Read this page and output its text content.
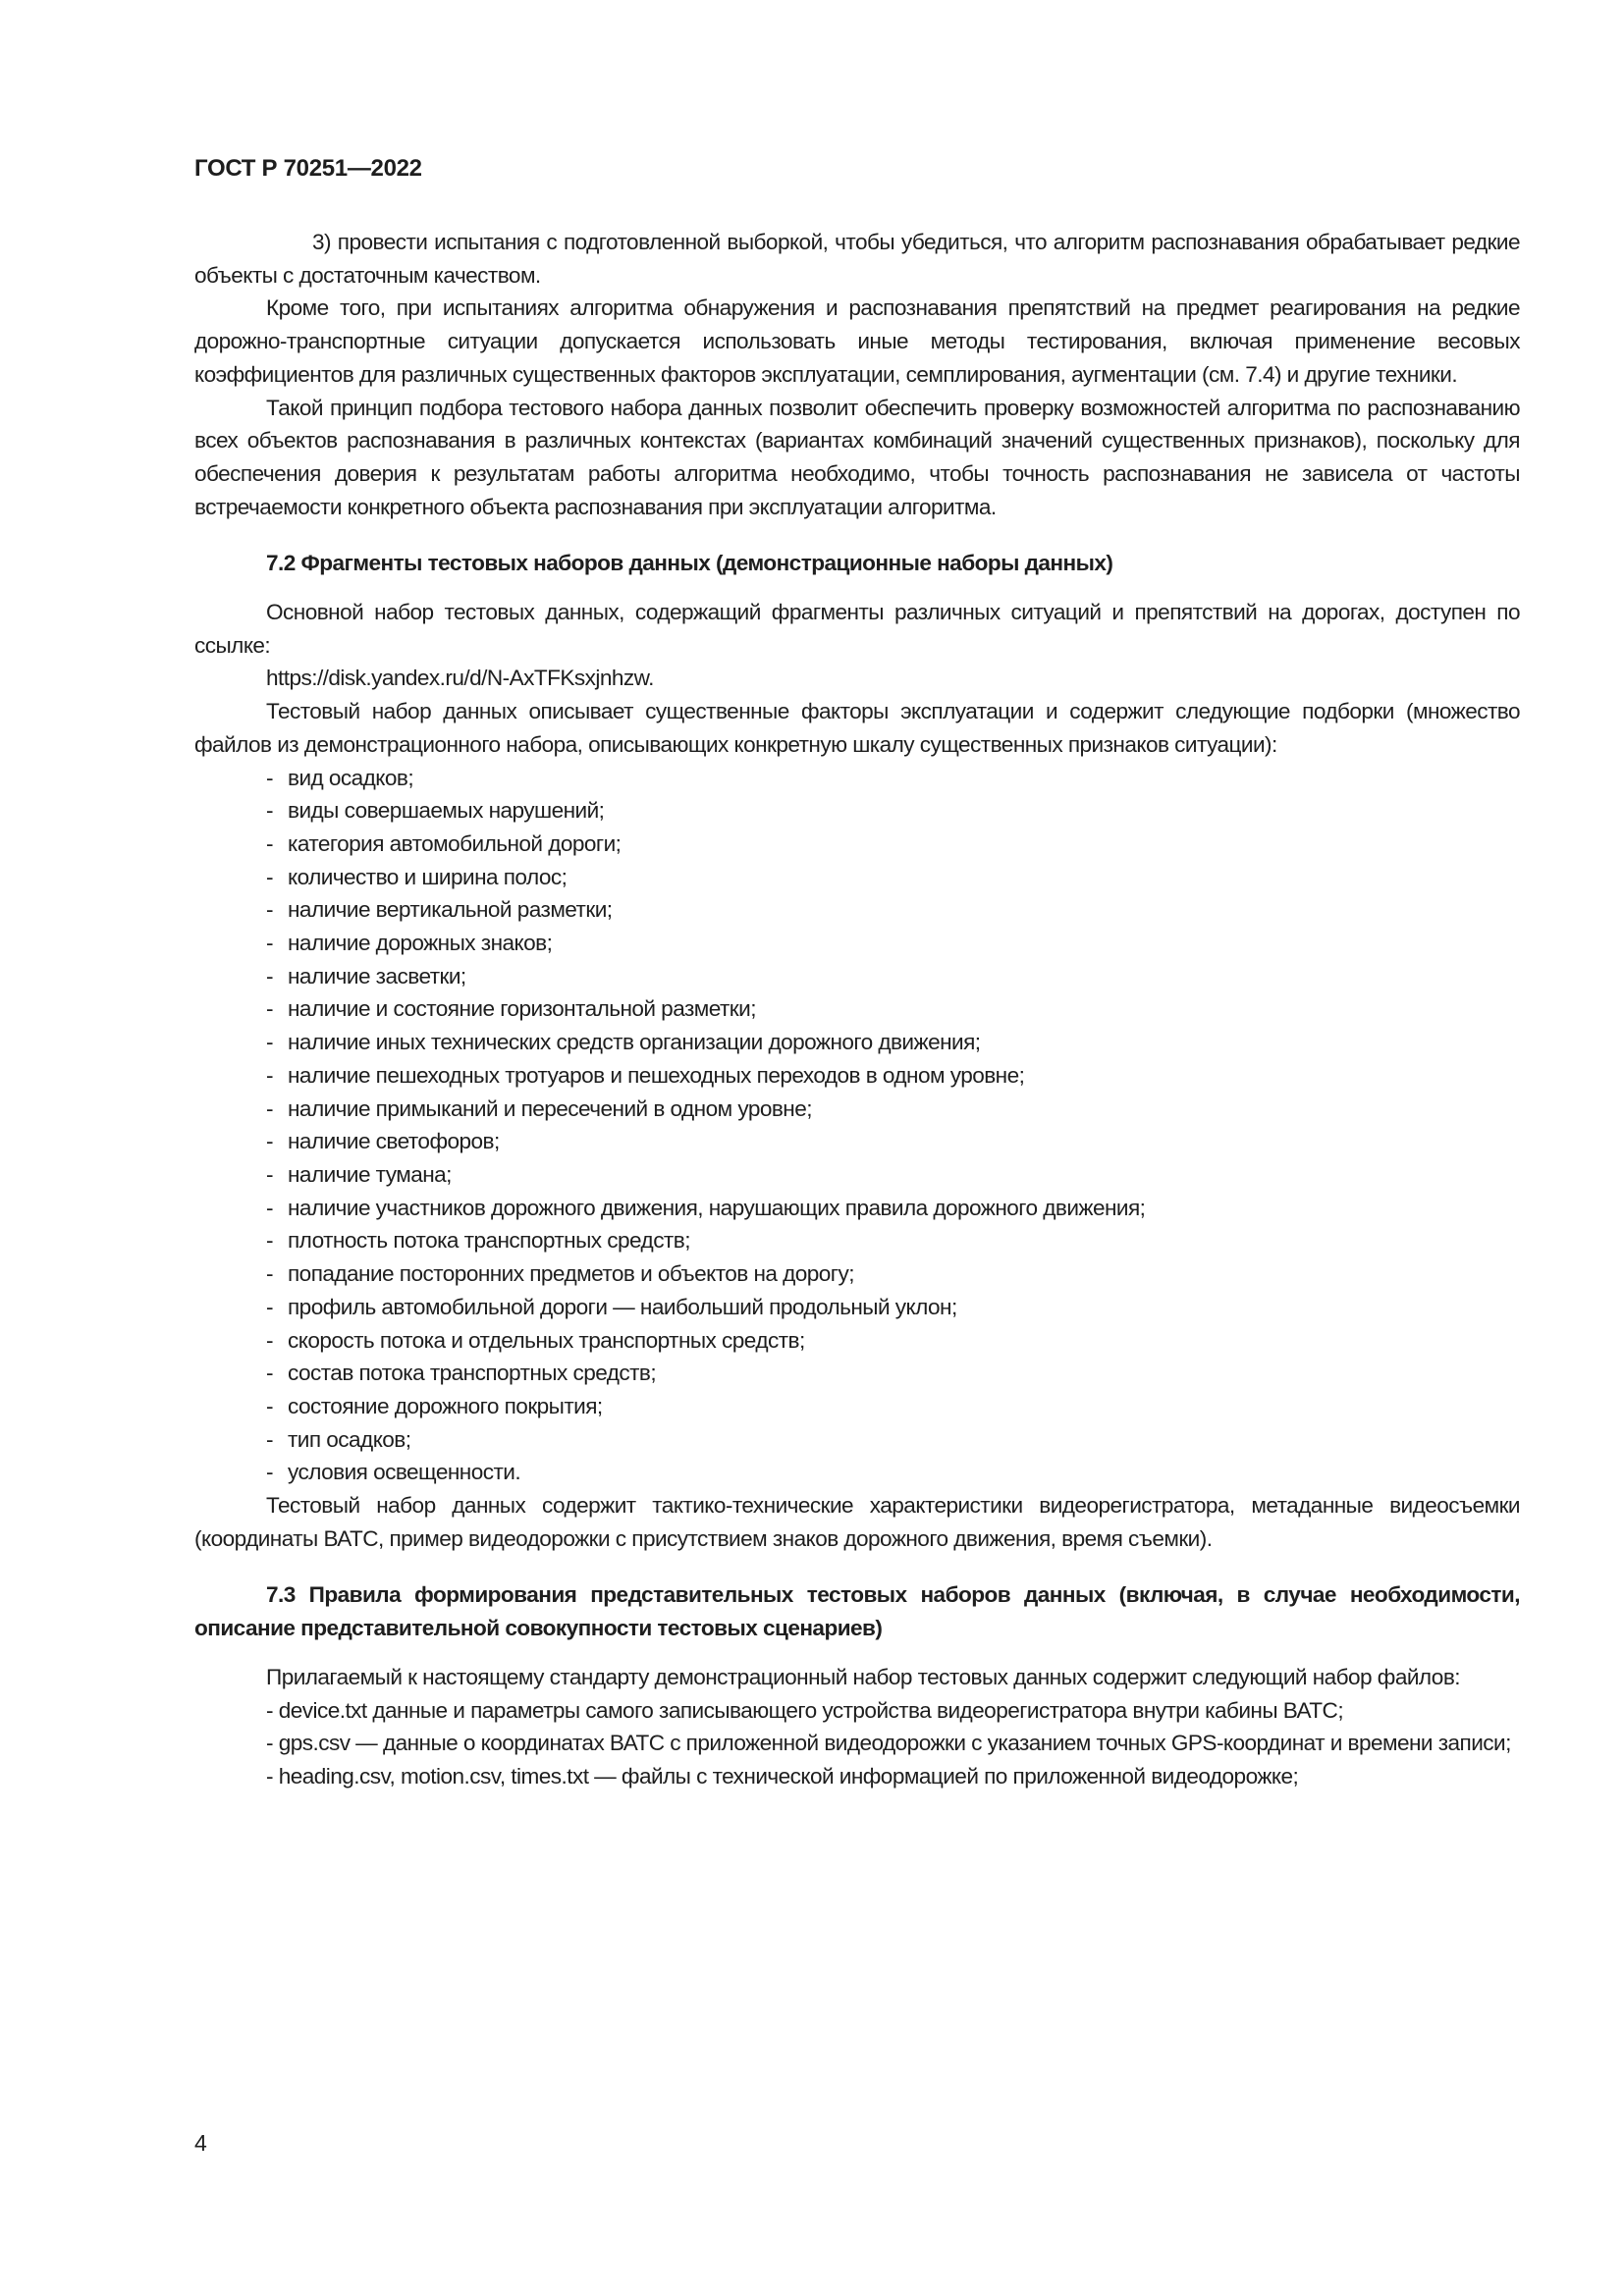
ГОСТ Р 70251—2022

3) провести испытания с подготовленной выборкой, чтобы убедиться, что алгоритм распознавания обрабатывает редкие объекты с достаточным качеством.

Кроме того, при испытаниях алгоритма обнаружения и распознавания препятствий на предмет реагирования на редкие дорожно-транспортные ситуации допускается использовать иные методы тестирования, включая применение весовых коэффициентов для различных существенных факторов эксплуатации, семплирования, аугментации (см. 7.4) и другие техники.

Такой принцип подбора тестового набора данных позволит обеспечить проверку возможностей алгоритма по распознаванию всех объектов распознавания в различных контекстах (вариантах комбинаций значений существенных признаков), поскольку для обеспечения доверия к результатам работы алгоритма необходимо, чтобы точность распознавания не зависела от частоты встречаемости конкретного объекта распознавания при эксплуатации алгоритма.

7.2 Фрагменты тестовых наборов данных (демонстрационные наборы данных)

Основной набор тестовых данных, содержащий фрагменты различных ситуаций и препятствий на дорогах, доступен по ссылке:

https://disk.yandex.ru/d/N-AxTFKsxjnhzw.

Тестовый набор данных описывает существенные факторы эксплуатации и содержит следующие подборки (множество файлов из демонстрационного набора, описывающих конкретную шкалу существенных признаков ситуации):

- вид осадков;
- виды совершаемых нарушений;
- категория автомобильной дороги;
- количество и ширина полос;
- наличие вертикальной разметки;
- наличие дорожных знаков;
- наличие засветки;
- наличие и состояние горизонтальной разметки;
- наличие иных технических средств организации дорожного движения;
- наличие пешеходных тротуаров и пешеходных переходов в одном уровне;
- наличие примыканий и пересечений в одном уровне;
- наличие светофоров;
- наличие тумана;
- наличие участников дорожного движения, нарушающих правила дорожного движения;
- плотность потока транспортных средств;
- попадание посторонних предметов и объектов на дорогу;
- профиль автомобильной дороги — наибольший продольный уклон;
- скорость потока и отдельных транспортных средств;
- состав потока транспортных средств;
- состояние дорожного покрытия;
- тип осадков;
- условия освещенности.

Тестовый набор данных содержит тактико-технические характеристики видеорегистратора, метаданные видеосъемки (координаты ВАТС, пример видеодорожки с присутствием знаков дорожного движения, время съемки).

7.3 Правила формирования представительных тестовых наборов данных (включая, в случае необходимости, описание представительной совокупности тестовых сценариев)

Прилагаемый к настоящему стандарту демонстрационный набор тестовых данных содержит следующий набор файлов:

- device.txt данные и параметры самого записывающего устройства видеорегистратора внутри кабины ВАТС;

- gps.csv — данные о координатах ВАТС с приложенной видеодорожки с указанием точных GPS-координат и времени записи;

- heading.csv, motion.csv, times.txt — файлы с технической информацией по приложенной видеодорожке;

4
